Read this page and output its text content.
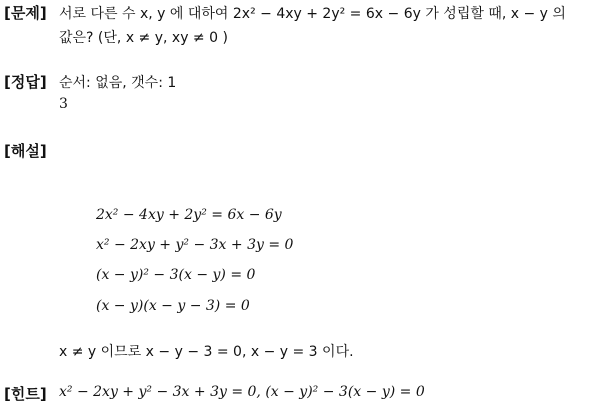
[문제] 서로 다른 수 x, y 에 대하여 2x² − 4xy + 2y² = 6x − 6y 가 성립할 때, x − y 의
값은? (단, x ≠ y, xy ≠ 0 )
[정답] 순서: 없음, 갯수: 1
3
[해설]
2x² − 4xy + 2y² = 6x − 6y
x² − 2xy + y² − 3x + 3y = 0
(x − y)² − 3(x − y) = 0
(x − y)(x − y − 3) = 0
x ≠ y 이므로 x − y − 3 = 0, x − y = 3 이다.
[힌트] x² − 2xy + y² − 3x + 3y = 0, (x − y)² − 3(x − y) = 0
